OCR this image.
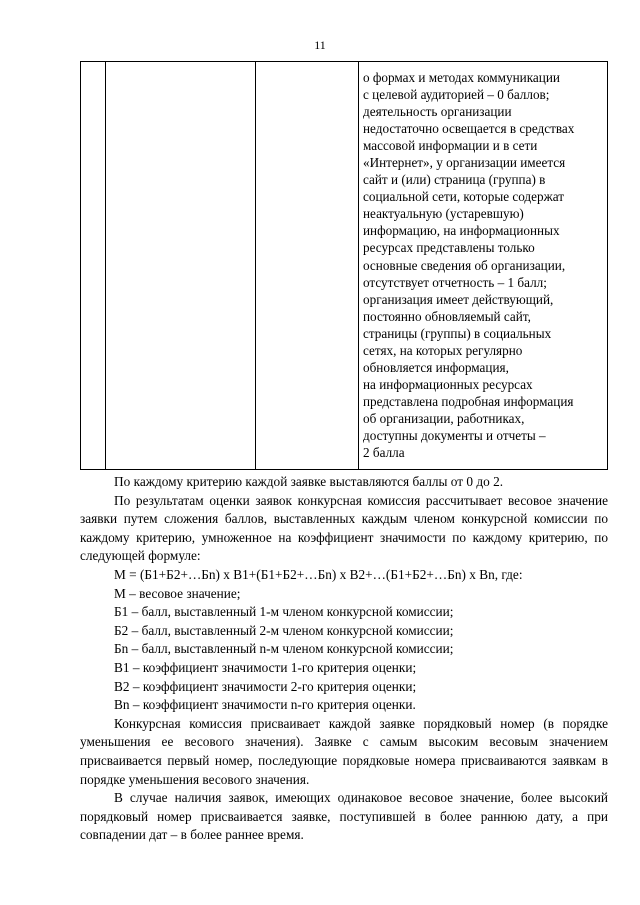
11
о формах и методах коммуникации
с целевой аудиторией – 0 баллов;
деятельность организации
недостаточно освещается в средствах
массовой информации и в сети
«Интернет», у организации имеется
сайт и (или) страница (группа) в
социальной сети, которые содержат
неактуальную (устаревшую)
информацию, на информационных
ресурсах представлены только
основные сведения об организации,
отсутствует отчетность – 1 балл;
организация имеет действующий,
постоянно обновляемый сайт,
страницы (группы) в социальных
сетях, на которых регулярно
обновляется информация,
на информационных ресурсах
представлена подробная информация
об организации, работниках,
доступны документы и отчеты –
2 балла
По каждому критерию каждой заявке выставляются баллы от 0 до 2.
По результатам оценки заявок конкурсная комиссия рассчитывает весовое значение заявки путем сложения баллов, выставленных каждым членом конкурсной комиссии по каждому критерию, умноженное на коэффициент значимости по каждому критерию, по следующей формуле:
М = (Б1+Б2+…Бn) х В1+(Б1+Б2+…Бn) х В2+…(Б1+Б2+…Бn) х Вn, где:
М – весовое значение;
Б1 – балл, выставленный 1-м членом конкурсной комиссии;
Б2 – балл, выставленный 2-м членом конкурсной комиссии;
Бn – балл, выставленный n-м членом конкурсной комиссии;
В1 – коэффициент значимости 1-го критерия оценки;
В2 – коэффициент значимости 2-го критерия оценки;
Вn – коэффициент значимости n-го критерия оценки.
Конкурсная комиссия присваивает каждой заявке порядковый номер (в порядке уменьшения ее весового значения). Заявке с самым высоким весовым значением присваивается первый номер, последующие порядковые номера присваиваются заявкам в порядке уменьшения весового значения.
В случае наличия заявок, имеющих одинаковое весовое значение, более высокий порядковый номер присваивается заявке, поступившей в более раннюю дату, а при совпадении дат – в более раннее время.
